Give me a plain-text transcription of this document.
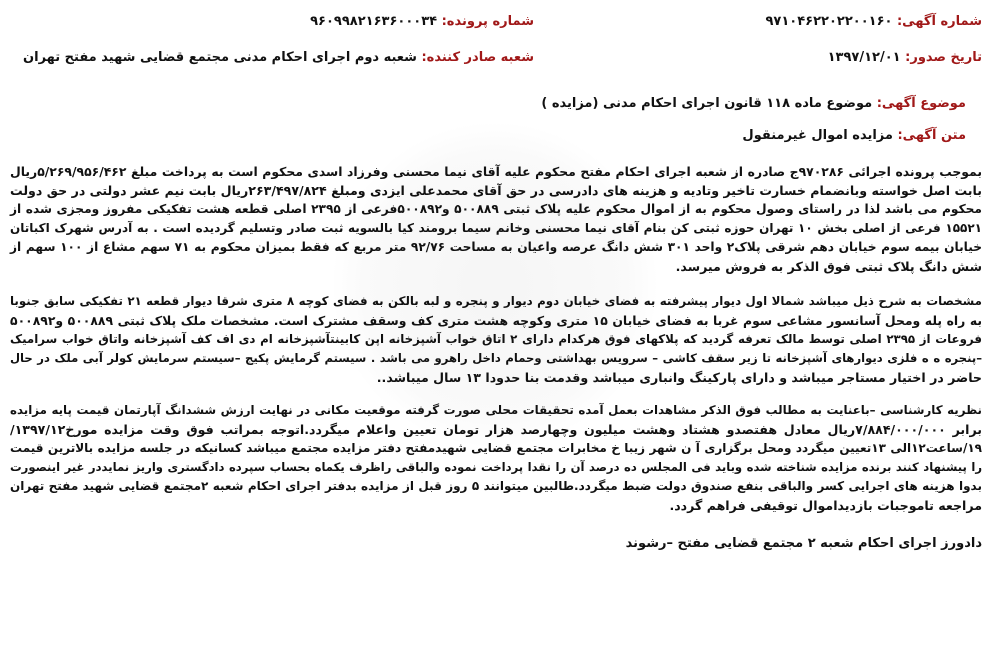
شماره آگهی: ۹۷۱۰۴۶۲۲۰۲۲۰۰۱۶۰
شماره پرونده: ۹۶۰۹۹۸۲۱۶۳۶۰۰۰۳۴
تاریخ صدور: ۱۳۹۷/۱۲/۰۱
شعبه صادر کننده: شعبه دوم اجرای احکام مدنی مجتمع قضایی شهید مفتح تهران
موضوع آگهی: موضوع ماده ۱۱۸ قانون اجرای احکام مدنی (مزایده )
متن آگهی: مزایده اموال غیرمنقول
بموجب پرونده اجرائی ۹۷۰۲۸۶ج صادره از شعبه اجرای احکام مفتح محکوم علیه آقای نیما محسنی وفرزاد اسدی محکوم است به پرداخت مبلغ ۵/۲۶۹/۹۵۶/۴۶۲ریال
بابت اصل خواسته وبانضمام خسارت تاخیر وتادیه و هزینه های دادرسی در حق آقای محمدعلی ایزدی ومبلغ ۲۶۳/۴۹۷/۸۲۴ریال بابت نیم عشر دولتی در حق دولت
محکوم می باشد لذا در راستای وصول محکوم به از اموال محکوم علیه پلاک ثبتی ۵۰۰۸۸۹ و۵۰۰۸۹۲فرعی از ۲۳۹۵ اصلی قطعه هشت تفکیکی مفروز ومجزی شده از
۱۵۵۲۱ فرعی از اصلی بخش ۱۰ تهران حوزه ثبتی کن بنام آقای نیما محسنی وخانم سیما برومند کیا بالسویه ثبت صادر وتسلیم گردیده است . به آدرس شهرک اکباتان
خیابان بیمه سوم خیابان دهم شرقی پلاک۲ واحد ۳۰۱ شش دانگ عرصه واعیان به مساحت ۹۲/۷۶ متر مربع که فقط بمیزان محکوم به ۷۱ سهم مشاع از ۱۰۰ سهم از
شش دانگ پلاک ثبتی فوق الذکر به فروش میرسد.
مشخصات به شرح ذیل میباشد شمالا اول دیوار پیشرفته به فضای خیابان دوم دیوار و پنجره و لبه بالکن به فضای کوچه ۸ متری شرقا دیوار قطعه ۲۱ تفکیکی سابق جنوبا
به راه پله ومحل آسانسور مشاعی سوم غربا به فضای خیابان ۱۵ متری وکوچه هشت متری کف وسقف مشترک است. مشخصات ملک پلاک ثبتی ۵۰۰۸۸۹ و۵۰۰۸۹۲
فروعات از ۲۳۹۵ اصلی توسط مالک تعرفه گردید که پلاکهای فوق هرکدام دارای ۲ اتاق خواب آشپزخانه اپن کابینتآشپزخانه ام دی اف کف آشپزخانه واتاق خواب سرامیک
–پنجره ه ه فلزی دیوارهای آشپزخانه تا زیر سقف کاشی – سرویس بهداشتی وحمام داخل راهرو می باشد . سیستم گرمایش پکیج –سیستم سرمایش کولر آبی ملک در حال
حاضر در اختیار مستاجر میباشد و دارای پارکینگ وانباری میباشد وقدمت بنا حدودا ۱۳ سال میباشد..
نظریه کارشناسی –باعنایت به مطالب فوق الذکر مشاهدات بعمل آمده تحقیقات محلی صورت گرفته موقعیت مکانی در نهایت ارزش ششدانگ آپارتمان قیمت پایه مزایده
برابر ۷/۸۸۴/۰۰۰/۰۰۰ریال معادل هفتصدو هشتاد وهشت میلیون وچهارصد هزار تومان تعیین واعلام میگردد.اتوجه بمراتب فوق وقت مزایده مورخ۱۳۹۷/۱۲/
۱۹/ساعت۱۲الی ۱۳تعیین میگردد ومحل برگزاری آ ن شهر زیبا خ مخابرات مجتمع قضایی شهیدمفتح دفتر مزایده مجتمع میباشد کسانیکه در جلسه مزایده بالاترین قیمت
را پیشنهاد کنند برنده مزایده شناخته شده وباید فی المجلس ده درصد آن را نقدا پرداخت نموده والباقی راظرف یکماه بحساب سپرده دادگستری واریز نمایددر غیر اینصورت
بدوا هزینه های اجرایی کسر والباقی بنفع صندوق دولت ضبط میگردد.طالبین میتوانند ۵ روز قبل از مزایده بدفتر اجرای احکام شعبه ۲مجتمع قضایی شهید مفتح تهران
مراجعه تاموجبات بازدیداموال توقیفی فراهم گردد.
دادورز اجرای احکام شعبه ۲ مجتمع قضایی مفتح –رشوند
